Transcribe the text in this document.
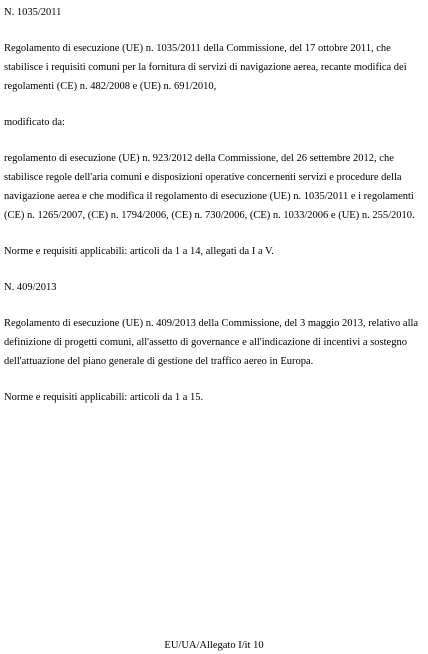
N. 1035/2011

Regolamento di esecuzione (UE) n. 1035/2011 della Commissione, del 17 ottobre 2011, che stabilisce i requisiti comuni per la fornitura di servizi di navigazione aerea, recante modifica dei regolamenti (CE) n. 482/2008 e (UE) n. 691/2010,

modificato da:

regolamento di esecuzione (UE) n. 923/2012 della Commissione, del 26 settembre 2012, che stabilisce regole dell'aria comuni e disposizioni operative concernenti servizi e procedure della navigazione aerea e che modifica il regolamento di esecuzione (UE) n. 1035/2011 e i regolamenti (CE) n. 1265/2007, (CE) n. 1794/2006, (CE) n. 730/2006, (CE) n. 1033/2006 e (UE) n. 255/2010.

Norme e requisiti applicabili: articoli da 1 a 14, allegati da I a V.

N. 409/2013

Regolamento di esecuzione (UE) n. 409/2013 della Commissione, del 3 maggio 2013, relativo alla definizione di progetti comuni, all'assetto di governance e all'indicazione di incentivi a sostegno dell'attuazione del piano generale di gestione del traffico aereo in Europa.

Norme e requisiti applicabili: articoli da 1 a 15.

EU/UA/Allegato I/it 10
